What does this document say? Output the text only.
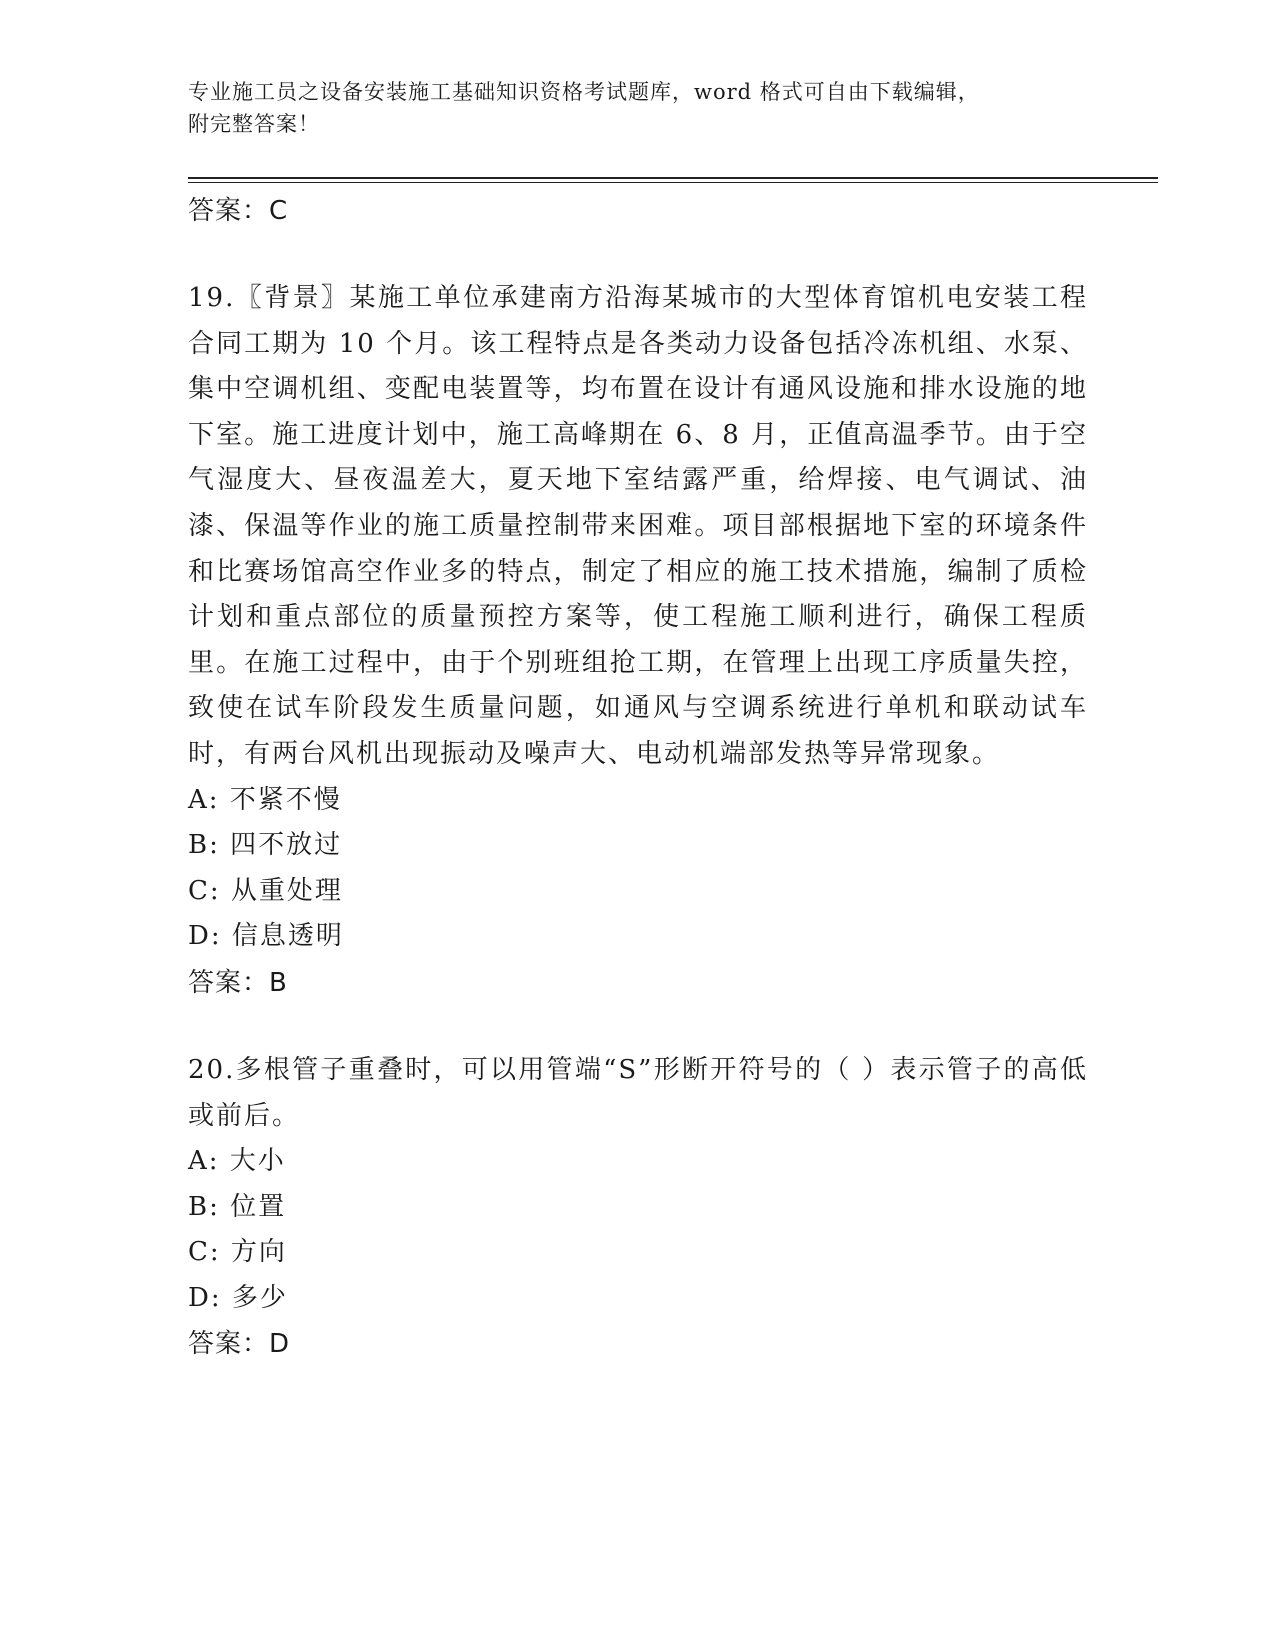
专业施工员之设备安装施工基础知识资格考试题库，word 格式可自由下载编辑，
附完整答案！

答案：C

19.〖背景〗某施工单位承建南方沿海某城市的大型体育馆机电安装工程合同工期为 10 个月。该工程特点是各类动力设备包括冷冻机组、水泵、集中空调机组、变配电装置等，均布置在设计有通风设施和排水设施的地下室。施工进度计划中，施工高峰期在 6、8 月，正值高温季节。由于空气湿度大、昼夜温差大，夏天地下室结露严重，给焊接、电气调试、油漆、保温等作业的施工质量控制带来困难。项目部根据地下室的环境条件和比赛场馆高空作业多的特点，制定了相应的施工技术措施，编制了质检计划和重点部位的质量预控方案等，使工程施工顺利进行，确保工程质里。在施工过程中，由于个别班组抢工期，在管理上出现工序质量失控，致使在试车阶段发生质量问题，如通风与空调系统进行单机和联动试车时，有两台风机出现振动及噪声大、电动机端部发热等异常现象。

A: 不紧不慢

B: 四不放过

C: 从重处理

D: 信息透明

答案：B

20.多根管子重叠时，可以用管端“S”形断开符号的（ ）表示管子的高低或前后。

A: 大小

B: 位置

C: 方向

D: 多少

答案：D
